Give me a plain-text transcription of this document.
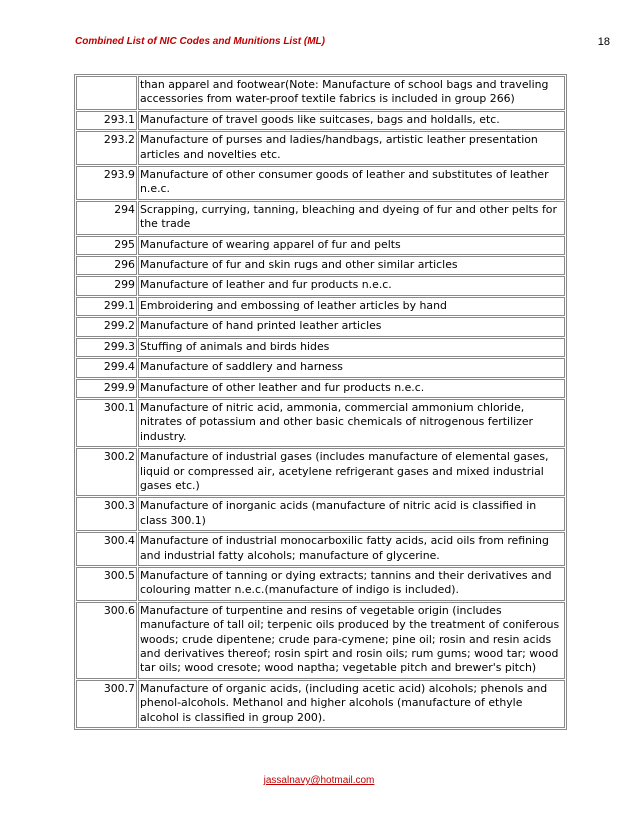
Combined List of NIC Codes and Munitions List (ML)	18
	than apparel and footwear(Note: Manufacture of school bags and traveling accessories from water-proof textile fabrics is included in group 266)
293.1	Manufacture of travel goods like suitcases, bags and holdalls, etc.
293.2	Manufacture of purses and ladies/handbags, artistic leather presentation articles and novelties etc.
293.9	Manufacture of other consumer goods of leather and substitutes of leather n.e.c.
294	Scrapping, currying, tanning, bleaching and dyeing of fur and other pelts for the trade
295	Manufacture of wearing apparel of fur and pelts
296	Manufacture of fur and skin rugs and other similar articles
299	Manufacture of leather and fur products n.e.c.
299.1	Embroidering and embossing of leather articles by hand
299.2	Manufacture of hand printed leather articles
299.3	Stuffing of animals and birds hides
299.4	Manufacture of saddlery and harness
299.9	Manufacture of other leather and fur products n.e.c.
300.1	Manufacture of nitric acid, ammonia, commercial ammonium chloride, nitrates of potassium and other basic chemicals of nitrogenous fertilizer industry.
300.2	Manufacture of industrial gases (includes manufacture of elemental gases, liquid or compressed air, acetylene refrigerant gases and mixed industrial gases etc.)
300.3	Manufacture of inorganic acids (manufacture of nitric acid is classified in class 300.1)
300.4	Manufacture of industrial monocarboxilic fatty acids, acid oils from refining and industrial fatty alcohols; manufacture of glycerine.
300.5	Manufacture of tanning or dying extracts; tannins and their derivatives and colouring matter n.e.c.(manufacture of indigo is included).
300.6	Manufacture of turpentine and resins of vegetable origin (includes manufacture of tall oil; terpenic oils produced by the treatment of coniferous woods; crude dipentene; crude para-cymene; pine oil; rosin and resin acids and derivatives thereof; rosin spirt and rosin oils; rum gums; wood tar; wood tar oils; wood cresote; wood naptha; vegetable pitch and brewer's pitch)
300.7	Manufacture of organic acids, (including acetic acid) alcohols; phenols and phenol-alcohols. Methanol and higher alcohols (manufacture of ethyle alcohol is classified in group 200).
jassalnavy@hotmail.com
